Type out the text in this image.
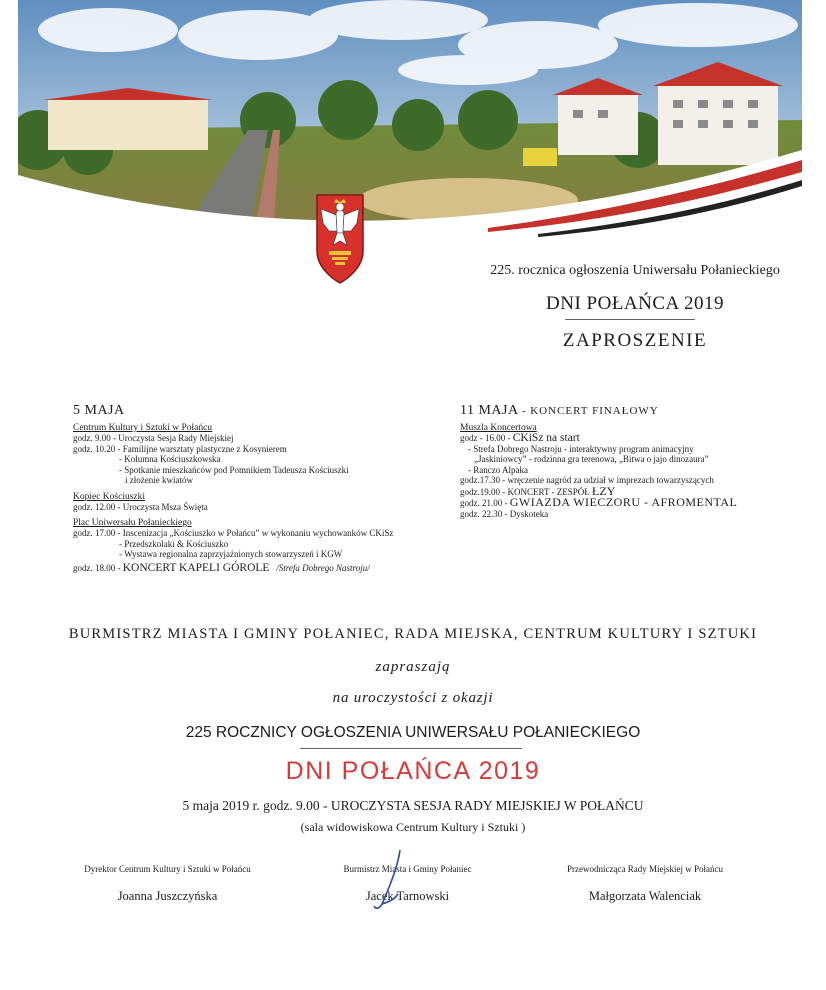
225. rocznica ogłoszenia Uniwersału Połanieckiego
DNI POŁAŃCA 2019
ZAPROSZENIE
5 MAJA
Centrum Kultury i Sztuki w Połańcu
godz. 9.00 - Uroczysta Sesja Rady Miejskiej
godz. 10.20 - Familijne warsztaty plastyczne z Kosynierem
- Kolumna Kościuszkowska
- Spotkanie mieszkańców pod Pomnikiem Tadeusza Kościuszki
i złożenie kwiatów
Kopiec Kościuszki
godz. 12.00 - Uroczysta Msza Święta
Plac Uniwersału Połanieckiego
godz. 17.00 - Inscenizacja „Kościuszko w Połańcu” w wykonaniu wychowanków CKiSz
- Przedszkolaki & Kościuszko
- Wystawa regionalna zaprzyjaźnionych stowarzyszeń i KGW
godz. 18.00 - KONCERT KAPELI GÓROLE /Strefa Dobrego Nastroju/
11 MAJA - KONCERT FINAŁOWY
Muszla Koncertowa
godz - 16.00 - CKiSz na start
- Strefa Dobrego Nastroju - interaktywny program animacyjny
„Jaskiniowcy” - rodzinna gra terenowa, „Bitwa o jajo dinozaura”
- Ranczo Alpaka
godz.17.30 - wręczenie nagród za udział w imprezach towarzyszących
godz.19.00 - KONCERT - ZESPÓŁ ŁZY
godz. 21.00 - GWIAZDA WIECZORU - AFROMENTAL
godz. 22.30 - Dyskoteka
BURMISTRZ MIASTA I GMINY POŁANIEC, RADA MIEJSKA, CENTRUM KULTURY I SZTUKI
zapraszają
na uroczystości z okazji
225 ROCZNICY OGŁOSZENIA UNIWERSAŁU POŁANIECKIEGO
DNI POŁAŃCA 2019
5 maja 2019 r. godz. 9.00 - UROCZYSTA SESJA RADY MIEJSKIEJ W POŁAŃCU
(sala widowiskowa Centrum Kultury i Sztuki )
Dyrektor Centrum Kultury i Sztuki w Połańcu
Joanna Juszczyńska
Burmistrz Miasta i Gminy Połaniec
Jacek Tarnowski
Przewodnicząca Rady Miejskiej w Połańcu
Małgorzata Walenciak
